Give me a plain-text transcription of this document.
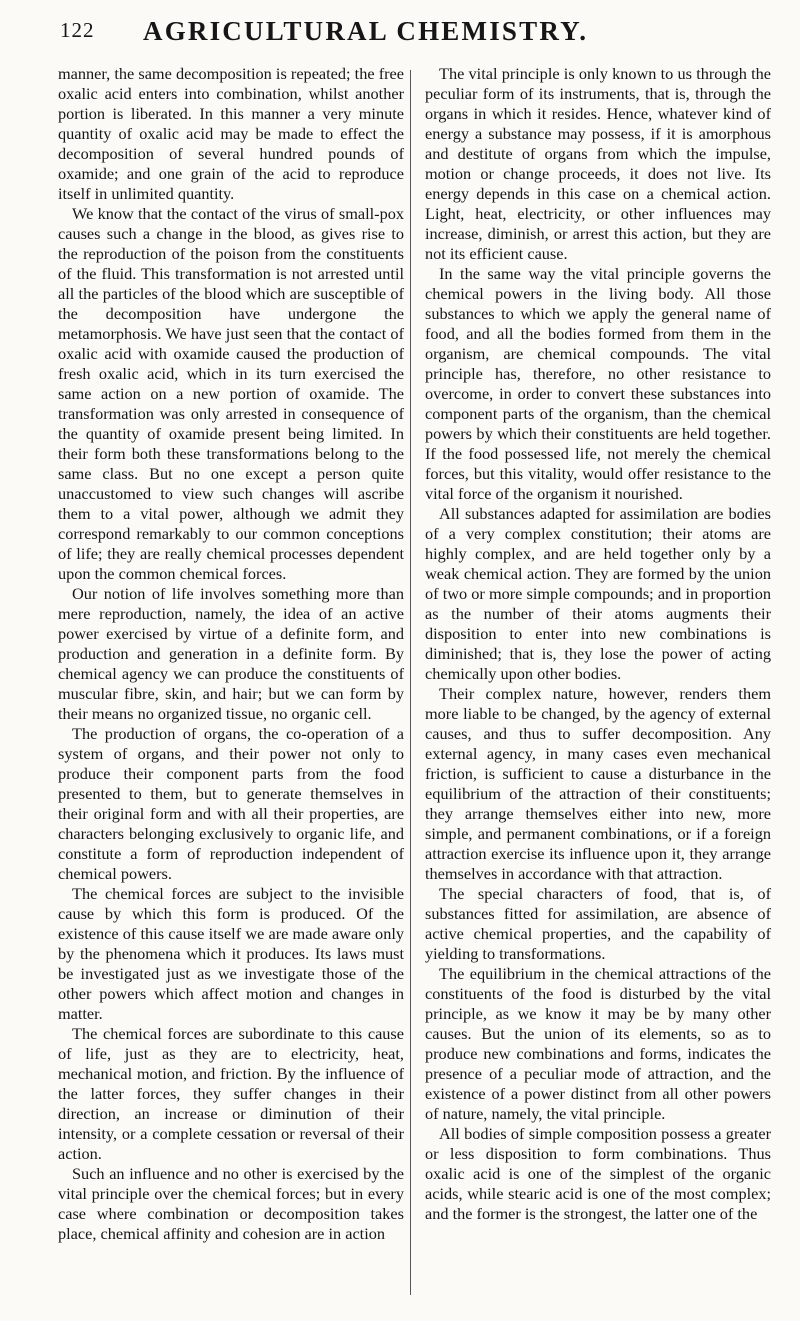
122 AGRICULTURAL CHEMISTRY.

manner, the same decomposition is repeated; the free oxalic acid enters into combination, whilst another portion is liberated. In this manner a very minute quantity of oxalic acid may be made to effect the decomposition of several hundred pounds of oxamide; and one grain of the acid to reproduce itself in unlimited quantity.

We know that the contact of the virus of small-pox causes such a change in the blood, as gives rise to the reproduction of the poison from the constituents of the fluid. This transformation is not arrested until all the particles of the blood which are susceptible of the decomposition have undergone the metamorphosis. We have just seen that the contact of oxalic acid with oxamide caused the production of fresh oxalic acid, which in its turn exercised the same action on a new portion of oxamide. The transformation was only arrested in consequence of the quantity of oxamide present being limited. In their form both these transformations belong to the same class. But no one except a person quite unaccustomed to view such changes will ascribe them to a vital power, although we admit they correspond remarkably to our common conceptions of life; they are really chemical processes dependent upon the common chemical forces.

Our notion of life involves something more than mere reproduction, namely, the idea of an active power exercised by virtue of a definite form, and production and generation in a definite form. By chemical agency we can produce the constituents of muscular fibre, skin, and hair; but we can form by their means no organized tissue, no organic cell.

The production of organs, the co-operation of a system of organs, and their power not only to produce their component parts from the food presented to them, but to generate themselves in their original form and with all their properties, are characters belonging exclusively to organic life, and constitute a form of reproduction independent of chemical powers.

The chemical forces are subject to the invisible cause by which this form is produced. Of the existence of this cause itself we are made aware only by the phenomena which it produces. Its laws must be investigated just as we investigate those of the other powers which affect motion and changes in matter.

The chemical forces are subordinate to this cause of life, just as they are to electricity, heat, mechanical motion, and friction. By the influence of the latter forces, they suffer changes in their direction, an increase or diminution of their intensity, or a complete cessation or reversal of their action.

Such an influence and no other is exercised by the vital principle over the chemical forces; but in every case where combination or decomposition takes place, chemical affinity and cohesion are in action

The vital principle is only known to us through the peculiar form of its instruments, that is, through the organs in which it resides. Hence, whatever kind of energy a substance may possess, if it is amorphous and destitute of organs from which the impulse, motion or change proceeds, it does not live. Its energy depends in this case on a chemical action. Light, heat, electricity, or other influences may increase, diminish, or arrest this action, but they are not its efficient cause.

In the same way the vital principle governs the chemical powers in the living body. All those substances to which we apply the general name of food, and all the bodies formed from them in the organism, are chemical compounds. The vital principle has, therefore, no other resistance to overcome, in order to convert these substances into component parts of the organism, than the chemical powers by which their constituents are held together. If the food possessed life, not merely the chemical forces, but this vitality, would offer resistance to the vital force of the organism it nourished.

All substances adapted for assimilation are bodies of a very complex constitution; their atoms are highly complex, and are held together only by a weak chemical action. They are formed by the union of two or more simple compounds; and in proportion as the number of their atoms augments their disposition to enter into new combinations is diminished; that is, they lose the power of acting chemically upon other bodies.

Their complex nature, however, renders them more liable to be changed, by the agency of external causes, and thus to suffer decomposition. Any external agency, in many cases even mechanical friction, is sufficient to cause a disturbance in the equilibrium of the attraction of their constituents; they arrange themselves either into new, more simple, and permanent combinations, or if a foreign attraction exercise its influence upon it, they arrange themselves in accordance with that attraction.

The special characters of food, that is, of substances fitted for assimilation, are absence of active chemical properties, and the capability of yielding to transformations.

The equilibrium in the chemical attractions of the constituents of the food is disturbed by the vital principle, as we know it may be by many other causes. But the union of its elements, so as to produce new combinations and forms, indicates the presence of a peculiar mode of attraction, and the existence of a power distinct from all other powers of nature, namely, the vital principle.

All bodies of simple composition possess a greater or less disposition to form combinations. Thus oxalic acid is one of the simplest of the organic acids, while stearic acid is one of the most complex; and the former is the strongest, the latter one of the
